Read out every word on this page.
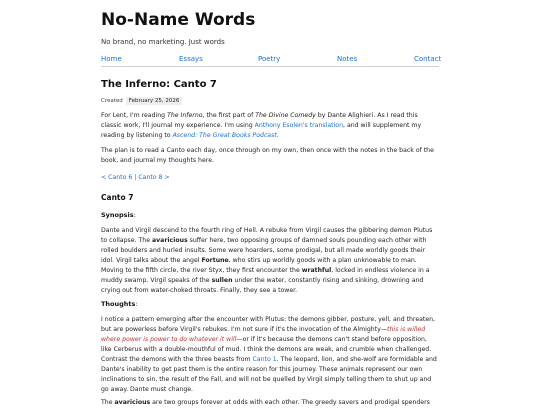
No-Name Words
No brand, no marketing. Just words
Home	Essays	Poetry	Notes	Contact
The Inferno: Canto 7
Created February 25, 2026

For Lent, I'm reading The Inferno, the first part of The Divine Comedy by Dante Alighieri. As I read this classic work, I'll journal my experience. I'm using Anthony Esolen's translation, and will supplement my reading by listening to Ascend: The Great Books Podcast.

The plan is to read a Canto each day, once through on my own, then once with the notes in the back of the book, and journal my thoughts here.

< Canto 6 | Canto 8 >
Canto 7
Synopsis:

Dante and Virgil descend to the fourth ring of Hell. A rebuke from Virgil causes the gibbering demon Plutus to collapse. The avaricious suffer here, two opposing groups of damned souls pounding each other with rolled boulders and hurled insults. Some were hoarders, some prodigal, but all made worldly goods their idol. Virgil talks about the angel Fortune, who stirs up worldly goods with a plan unknowable to man. Moving to the fifth circle, the river Styx, they first encounter the wrathful, locked in endless violence in a muddy swamp. Virgil speaks of the sullen under the water, constantly rising and sinking, drowning and crying out from water-choked throats. Finally, they see a tower.

Thoughts:

I notice a pattern emerging after the encounter with Plutus: the demons gibber, posture, yell, and threaten, but are powerless before Virgil's rebukes. I'm not sure if it's the invocation of the Almighty—this is willed where power is power to do whatever it will—or if it's because the demons can't stand before opposition, like Cerberus with a double-mouthful of mud. I think the demons are weak, and crumble when challenged. Contrast the demons with the three beasts from Canto 1. The leopard, lion, and she-wolf are formidable and Dante's inability to get past them is the entire reason for this journey. These animals represent our own inclinations to sin, the result of the Fall, and will not be quelled by Virgil simply telling them to shut up and go away. Dante must change.

The avaricious are two groups forever at odds with each other. The greedy savers and prodigal spenders
